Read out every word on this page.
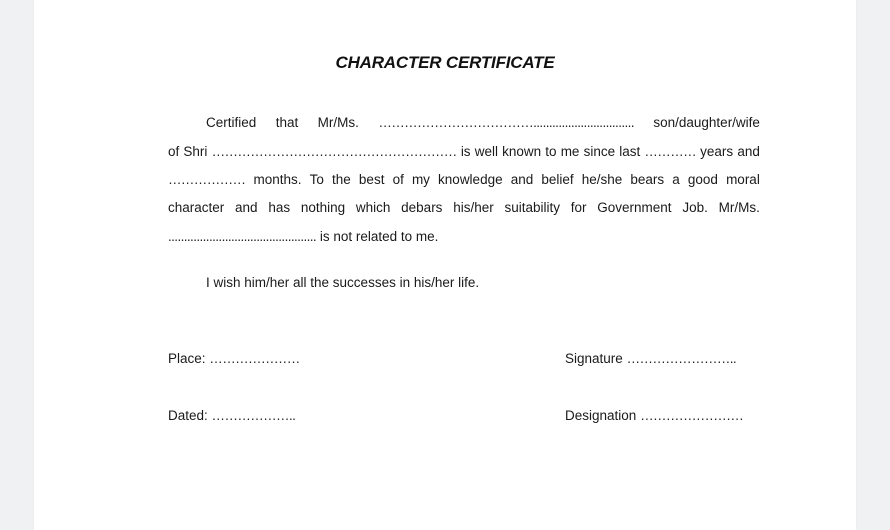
CHARACTER CERTIFICATE
Certified that Mr/Ms. ………………………………................................ son/daughter/wife
of Shri ………………………………………………… is well known to me since last ………… years and
……………… months. To the best of my knowledge and belief he/she bears a good moral
character and has nothing which debars his/her suitability for Government Job. Mr/Ms.
............................................... is not related to me.
I wish him/her all the successes in his/her life.
Place: …………………	Signature ……………………..
Dated: ………………..	Designation ……………………
